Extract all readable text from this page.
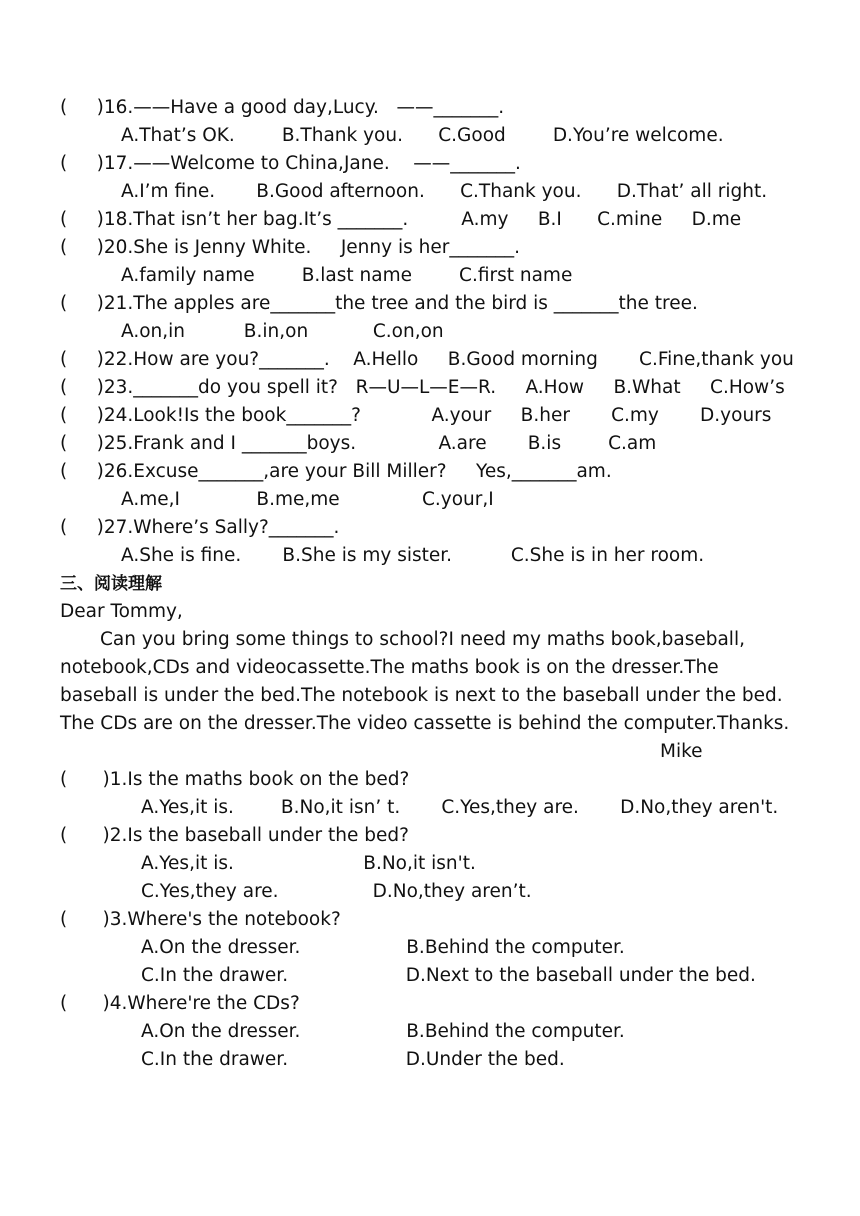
(     )16.——Have a good day,Lucy.   ——_______.
A.That’s OK.        B.Thank you.      C.Good        D.You’re welcome.
(     )17.——Welcome to China,Jane.    ——_______.
A.I’m fine.       B.Good afternoon.      C.Thank you.      D.That’ all right.
(     )18.That isn’t her bag.It’s _______.         A.my     B.I      C.mine     D.me
(     )20.She is Jenny White.     Jenny is her_______.
A.family name        B.last name        C.first name
(     )21.The apples are_______the tree and the bird is _______the tree.
A.on,in          B.in,on           C.on,on
(     )22.How are you?_______.    A.Hello     B.Good morning       C.Fine,thank you
(     )23._______do you spell it?   R—U—L—E—R.     A.How     B.What     C.How’s
(     )24.Look!Is the book_______?            A.your     B.her       C.my       D.yours
(     )25.Frank and I _______boys.              A.are       B.is        C.am
(     )26.Excuse_______,are your Bill Miller?     Yes,_______am.
A.me,I             B.me,me              C.your,I
(     )27.Where’s Sally?_______.
A.She is fine.       B.She is my sister.          C.She is in her room.
三、阅读理解
Dear Tommy,
Can you bring some things to school?I need my maths book,baseball,
notebook,CDs and videocassette.The maths book is on the dresser.The
baseball is under the bed.The notebook is next to the baseball under the bed.
The CDs are on the dresser.The video cassette is behind the computer.Thanks.
Mike
(      )1.Is the maths book on the bed?
A.Yes,it is.        B.No,it isn’ t.       C.Yes,they are.       D.No,they aren't.
(      )2.Is the baseball under the bed?
A.Yes,it is.                      B.No,it isn't.
C.Yes,they are.                D.No,they aren’t.
(      )3.Where's the notebook?
A.On the dresser.                  B.Behind the computer.
C.In the drawer.                    D.Next to the baseball under the bed.
(      )4.Where're the CDs?
A.On the dresser.                  B.Behind the computer.
C.In the drawer.                    D.Under the bed.
